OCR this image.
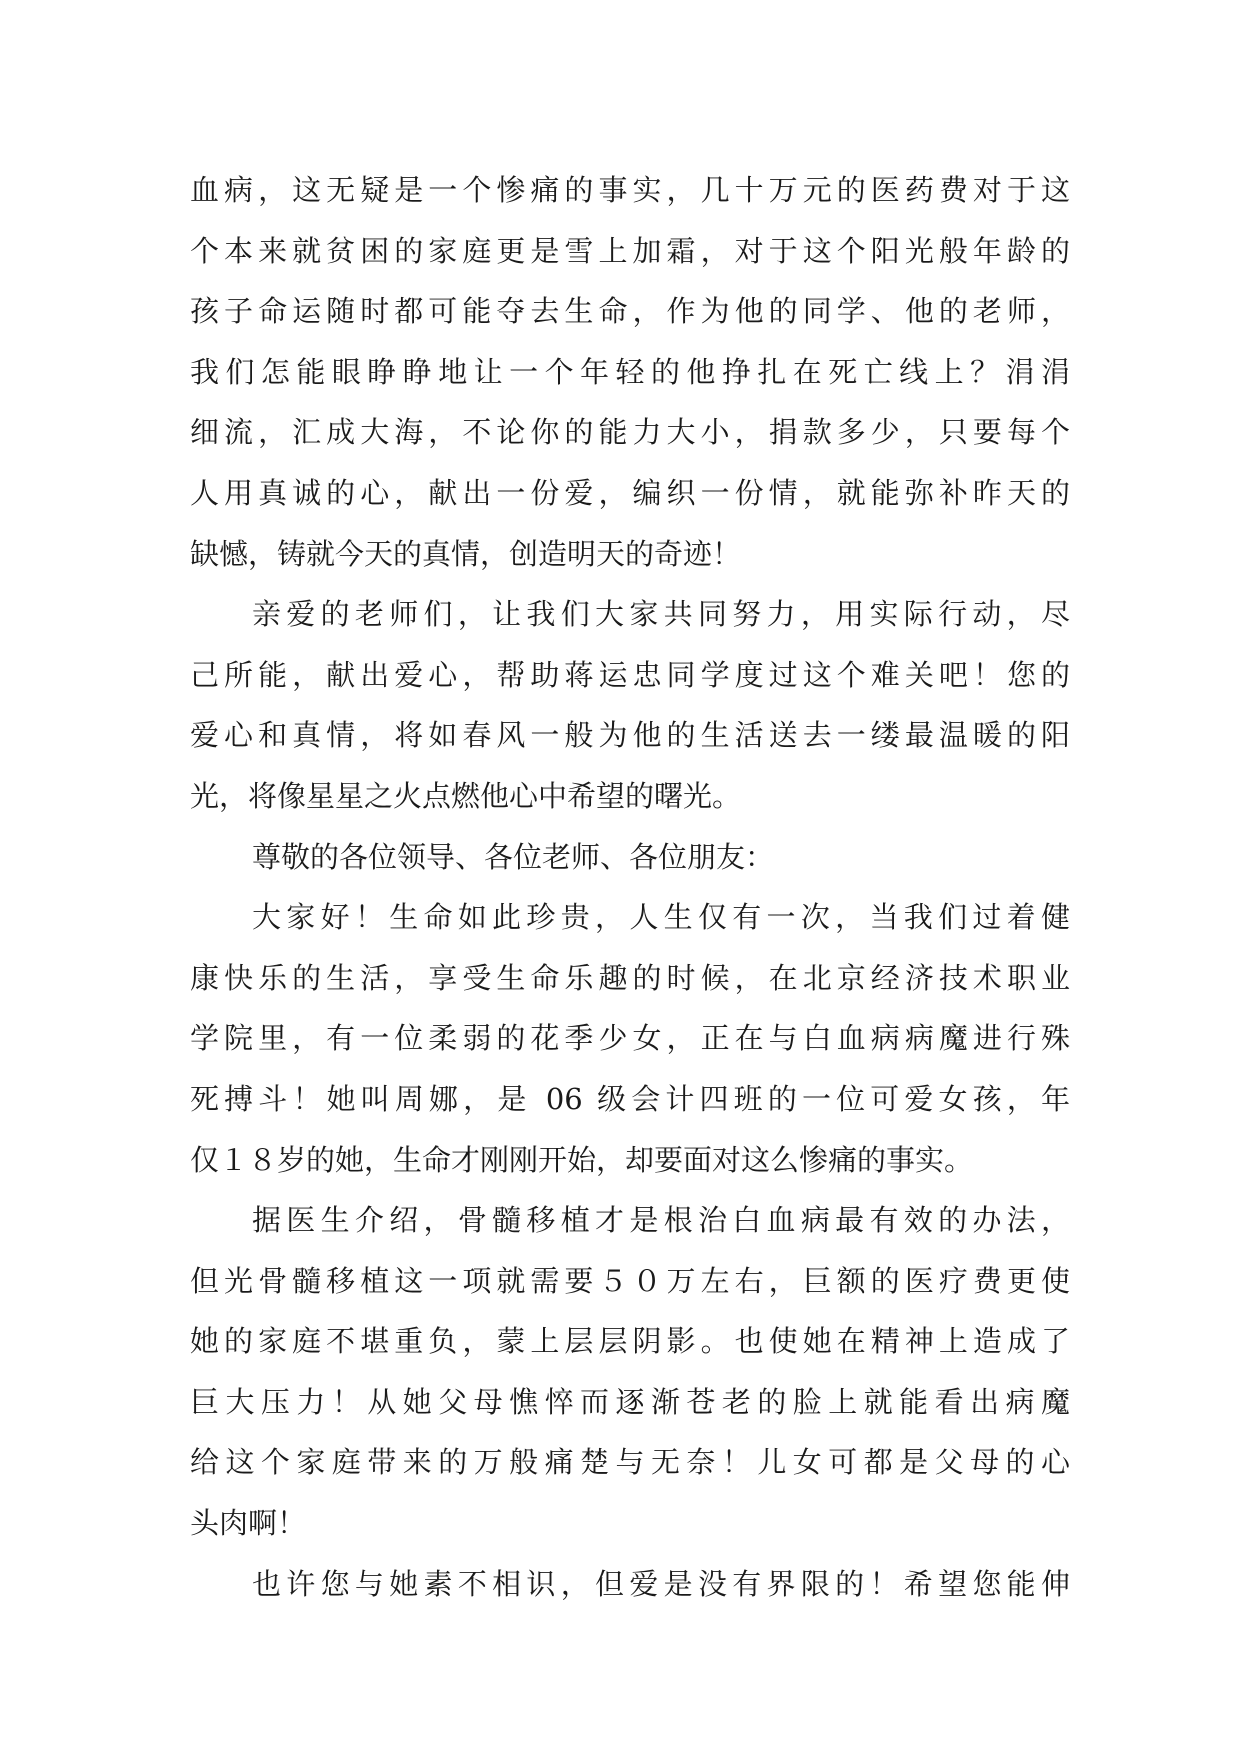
血病，这无疑是一个惨痛的事实，几十万元的医药费对于这
个本来就贫困的家庭更是雪上加霜，对于这个阳光般年龄的
孩子命运随时都可能夺去生命，作为他的同学、他的老师，
我们怎能眼睁睁地让一个年轻的他挣扎在死亡线上？涓涓
细流，汇成大海，不论你的能力大小，捐款多少，只要每个
人用真诚的心，献出一份爱，编织一份情，就能弥补昨天的
缺憾，铸就今天的真情，创造明天的奇迹！
亲爱的老师们，让我们大家共同努力，用实际行动，尽
己所能，献出爱心，帮助蒋运忠同学度过这个难关吧！您的
爱心和真情，将如春风一般为他的生活送去一缕最温暖的阳
光，将像星星之火点燃他心中希望的曙光。
尊敬的各位领导、各位老师、各位朋友：
大家好！生命如此珍贵，人生仅有一次，当我们过着健
康快乐的生活，享受生命乐趣的时候，在北京经济技术职业
学院里，有一位柔弱的花季少女，正在与白血病病魔进行殊
死搏斗！她叫周娜，是 06 级会计四班的一位可爱女孩，年
仅１８岁的她，生命才刚刚开始，却要面对这么惨痛的事实。
据医生介绍，骨髓移植才是根治白血病最有效的办法，
但光骨髓移植这一项就需要５０万左右，巨额的医疗费更使
她的家庭不堪重负，蒙上层层阴影。也使她在精神上造成了
巨大压力！从她父母憔悴而逐渐苍老的脸上就能看出病魔
给这个家庭带来的万般痛楚与无奈！儿女可都是父母的心
头肉啊！
也许您与她素不相识，但爱是没有界限的！希望您能伸
